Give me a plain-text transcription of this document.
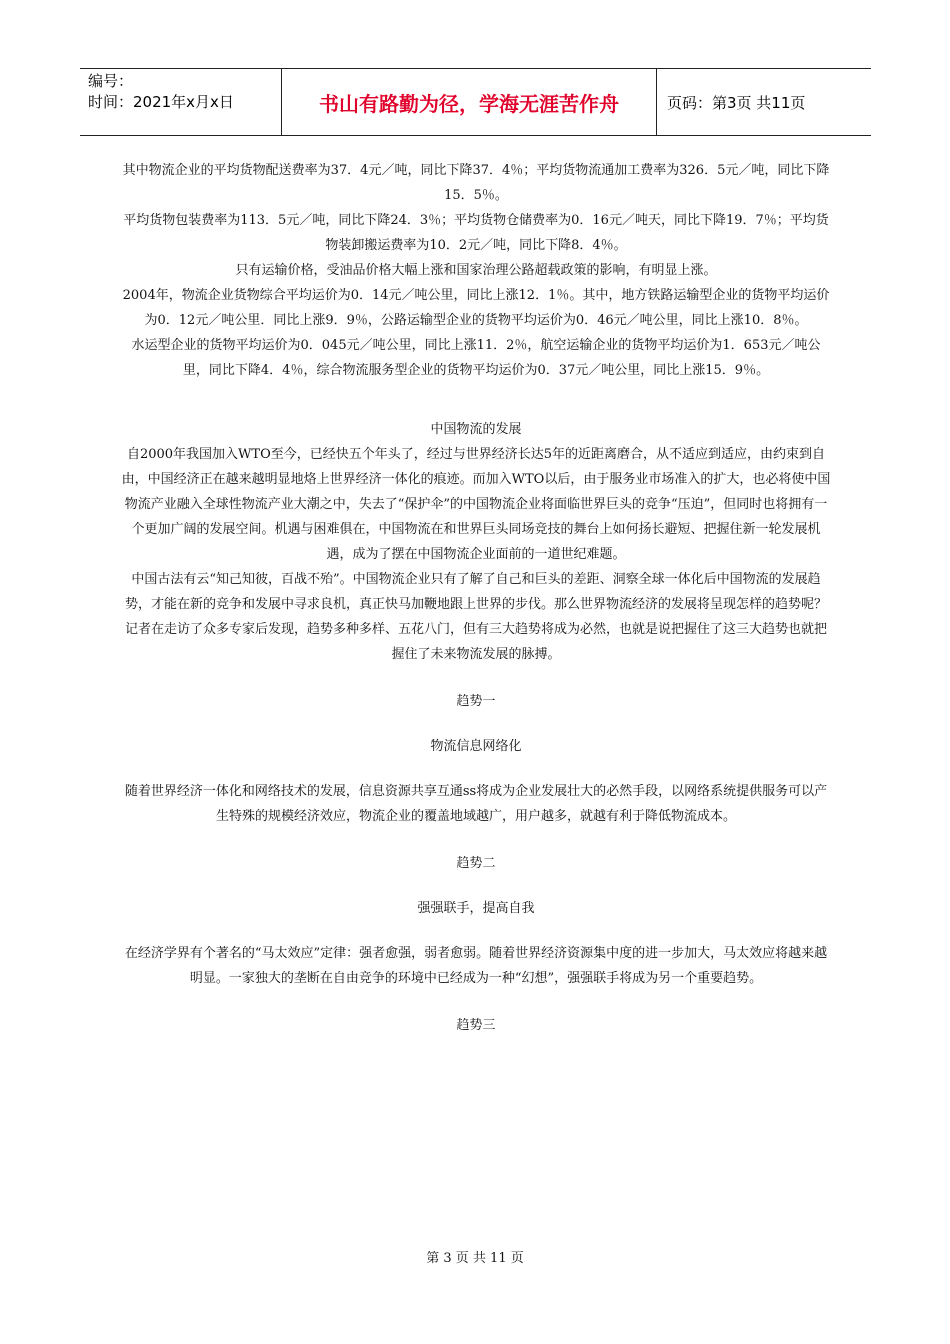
编号：
时间：2021年x月x日	书山有路勤为径，学海无涯苦作舟	页码：第3页 共11页

其中物流企业的平均货物配送费率为37．4元／吨，同比下降37．4％；平均货物流通加工费率为326．5元／吨，同比下降15．5％。

平均货物包装费率为113．5元／吨，同比下降24．3％；平均货物仓储费率为0．16元／吨天，同比下降19．7％；平均货物装卸搬运费率为10．2元／吨，同比下降8．4％。

只有运输价格，受油品价格大幅上涨和国家治理公路超载政策的影响，有明显上涨。

2004年，物流企业货物综合平均运价为0．14元／吨公里，同比上涨12．1％。其中，地方铁路运输型企业的货物平均运价为0．12元／吨公里．同比上涨9．9％，公路运输型企业的货物平均运价为0．46元／吨公里，同比上涨10．8％。

水运型企业的货物平均运价为0．045元／吨公里，同比上涨11．2％，航空运输企业的货物平均运价为1．653元／吨公里，同比下降4．4％，综合物流服务型企业的货物平均运价为0．37元／吨公里，同比上涨15．9％。

中国物流的发展

自2000年我国加入WTO至今，已经快五个年头了，经过与世界经济长达5年的近距离磨合，从不适应到适应，由约束到自由，中国经济正在越来越明显地烙上世界经济一体化的痕迹。而加入WTO以后，由于服务业市场准入的扩大，也必将使中国物流产业融入全球性物流产业大潮之中，失去了“保护伞”的中国物流企业将面临世界巨头的竞争“压迫”，但同时也将拥有一个更加广阔的发展空间。机遇与困难俱在，中国物流在和世界巨头同场竞技的舞台上如何扬长避短、把握住新一轮发展机遇，成为了摆在中国物流企业面前的一道世纪难题。

中国古法有云“知己知彼，百战不殆”。中国物流企业只有了解了自己和巨头的差距、洞察全球一体化后中国物流的发展趋势，才能在新的竞争和发展中寻求良机，真正快马加鞭地跟上世界的步伐。那么世界物流经济的发展将呈现怎样的趋势呢？记者在走访了众多专家后发现，趋势多种多样、五花八门，但有三大趋势将成为必然，也就是说把握住了这三大趋势也就把握住了未来物流发展的脉搏。

趋势一

物流信息网络化

随着世界经济一体化和网络技术的发展，信息资源共享互通ss将成为企业发展壮大的必然手段，以网络系统提供服务可以产生特殊的规模经济效应，物流企业的覆盖地域越广，用户越多，就越有利于降低物流成本。

趋势二

强强联手，提高自我

在经济学界有个著名的“马太效应”定律：强者愈强，弱者愈弱。随着世界经济资源集中度的进一步加大，马太效应将越来越明显。一家独大的垄断在自由竞争的环境中已经成为一种“幻想”，强强联手将成为另一个重要趋势。

趋势三

第 3 页 共 11 页
